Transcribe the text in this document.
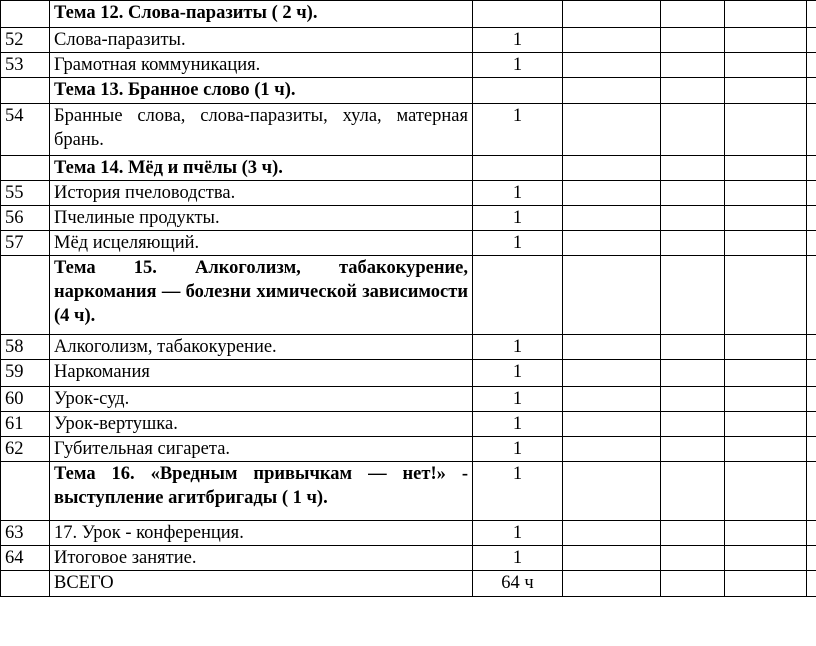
	Тема 12. Слова-паразиты ( 2 ч).					
52	Слова-паразиты.	1				
53	Грамотная коммуникация.	1				
	Тема 13. Бранное слово (1 ч).					
54	Бранные слова, слова-паразиты, хула, матерная брань.	1				
	Тема 14. Мёд и пчёлы (3 ч).					
55	История пчеловодства.	1				
56	Пчелиные продукты.	1				
57	Мёд исцеляющий.	1				
	Тема 15. Алкоголизм, табакокурение, наркомания — болезни химической зависимости (4 ч).					
58	Алкоголизм, табакокурение.	1				
59	Наркомания	1				
60	Урок-суд.	1				
61	Урок-вертушка.	1				
62	Губительная сигарета.	1				
	Тема 16. «Вредным привычкам — нет!» - выступление агитбригады ( 1 ч).	1				
63	17. Урок - конференция.	1				
64	Итоговое занятие.	1				
	ВСЕГО	64 ч				
